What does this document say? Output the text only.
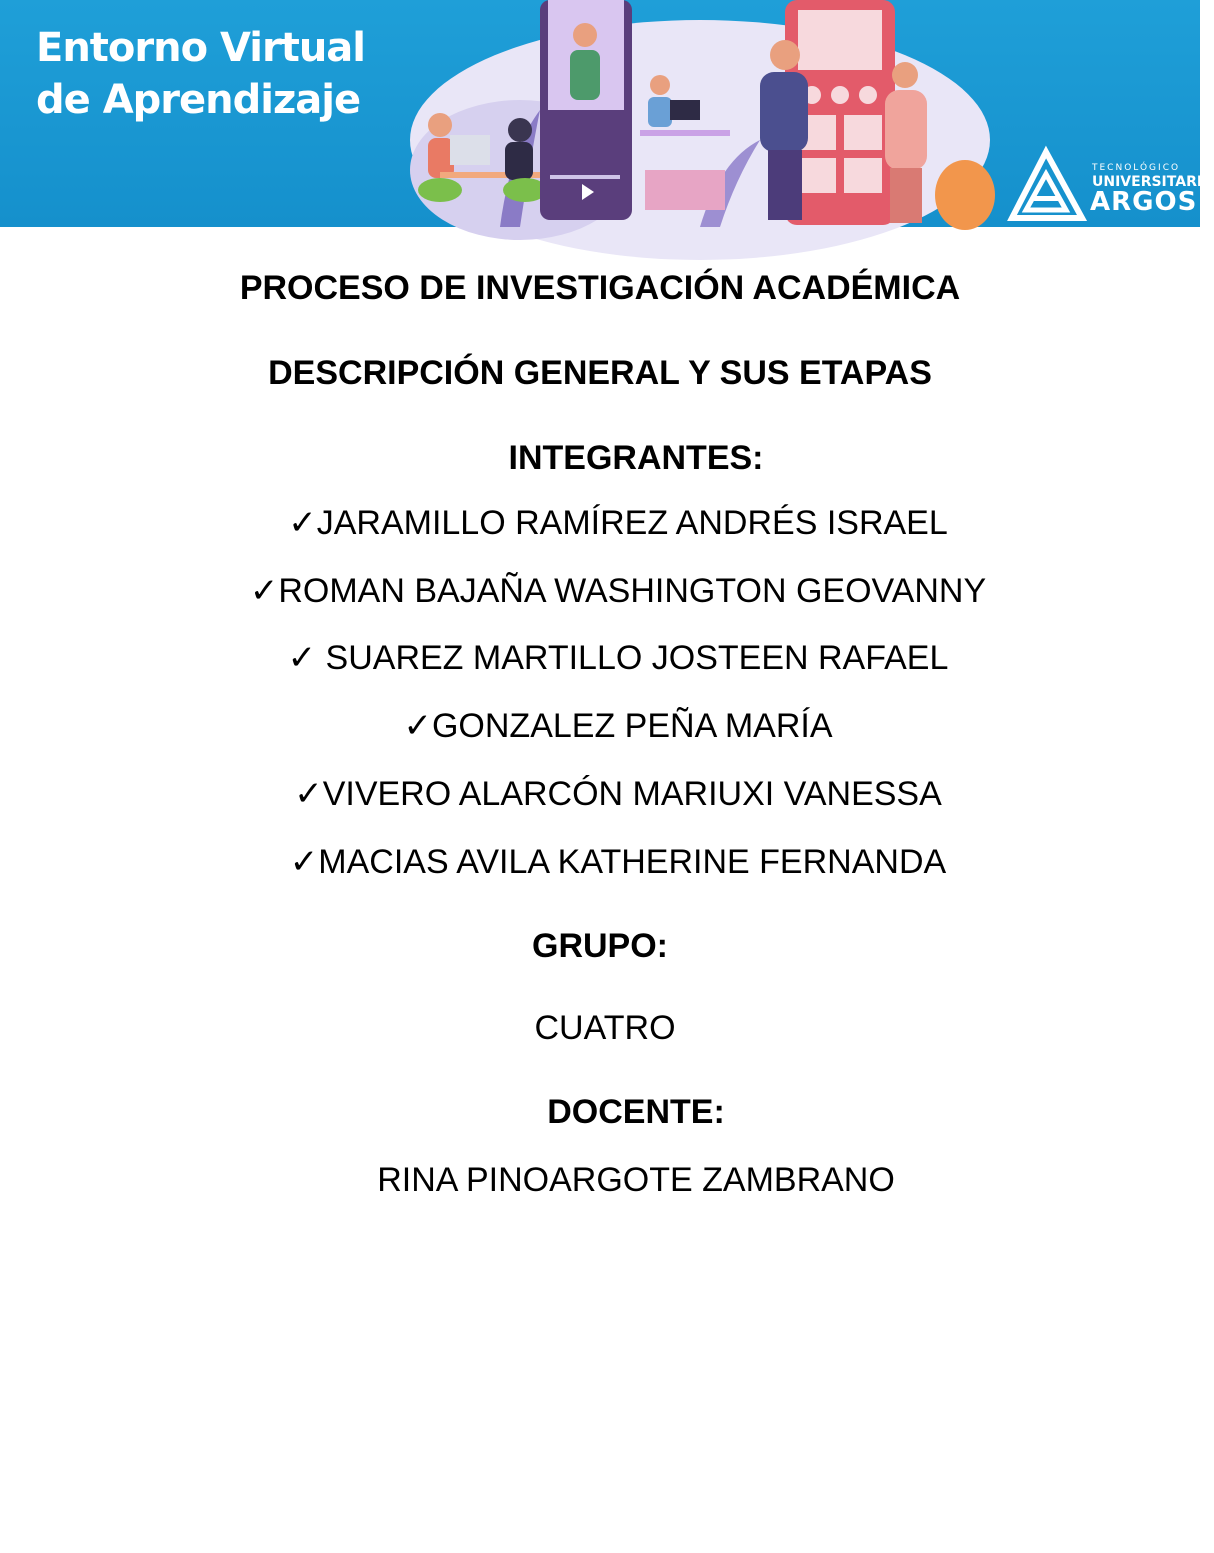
Entorno Virtual
de Aprendizaje
TECNOLÓGICO
UNIVERSITARIO
ARGOS
PROCESO DE INVESTIGACIÓN ACADÉMICA
DESCRIPCIÓN GENERAL Y SUS ETAPAS
INTEGRANTES:
✓JARAMILLO RAMÍREZ ANDRÉS ISRAEL
✓ROMAN BAJAÑA WASHINGTON GEOVANNY
✓ SUAREZ MARTILLO JOSTEEN RAFAEL
✓GONZALEZ PEÑA MARÍA
✓VIVERO ALARCÓN MARIUXI VANESSA
✓MACIAS AVILA KATHERINE FERNANDA
GRUPO:
CUATRO
DOCENTE:
RINA PINOARGOTE ZAMBRANO
